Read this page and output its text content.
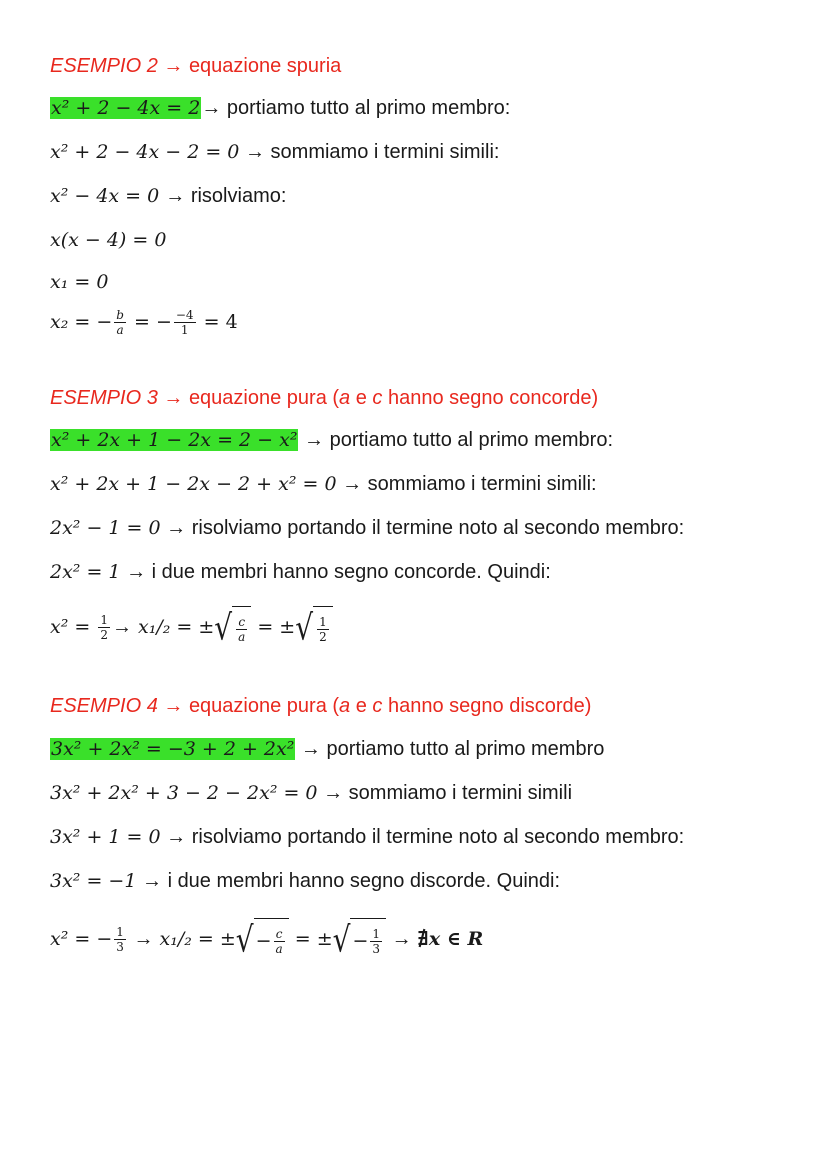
ESEMPIO 2 → equazione spuria
x² + 2 − 4x = 2→ portiamo tutto al primo membro:
x² + 2 − 4x − 2 = 0 → sommiamo i termini simili:
x² − 4x = 0 → risolviamo:
x(x − 4) = 0
x₁ = 0
x₂ = − $\frac{b}{a}$ = − $\frac{-4}{1} = 4$
ESEMPIO 3 → equazione pura (a e c hanno segno concorde)
x² + 2x + 1 − 2x = 2 − x² → portiamo tutto al primo membro:
x² + 2x + 1 − 2x − 2 + x² = 0 → sommiamo i termini simili:
2x² − 1 = 0 → risolviamo portando il termine noto al secondo membro:
2x² = 1 → i due membri hanno segno concorde. Quindi:
$x^2 = \frac{1}{2} \to x_1/_2$ = ±√ $\frac{c}{a}$ = ±√ $\frac{1}{2}$
ESEMPIO 4 → equazione pura (a e c hanno segno discorde)
3x² + 2x² = −3 + 2 + 2x² → portiamo tutto al primo membro
3x² + 2x² + 3 − 2 − 2x² = 0 → sommiamo i termini simili
3x² + 1 = 0 → risolviamo portando il termine noto al secondo membro:
3x² = −1 → i due membri hanno segno discorde. Quindi:
x² = − $\frac{1}{3} \to x_1/_2$ = ±√ − $\frac{c}{a}$ = ±√ − $\frac{1}{3}$ → ∄x ∈ R
